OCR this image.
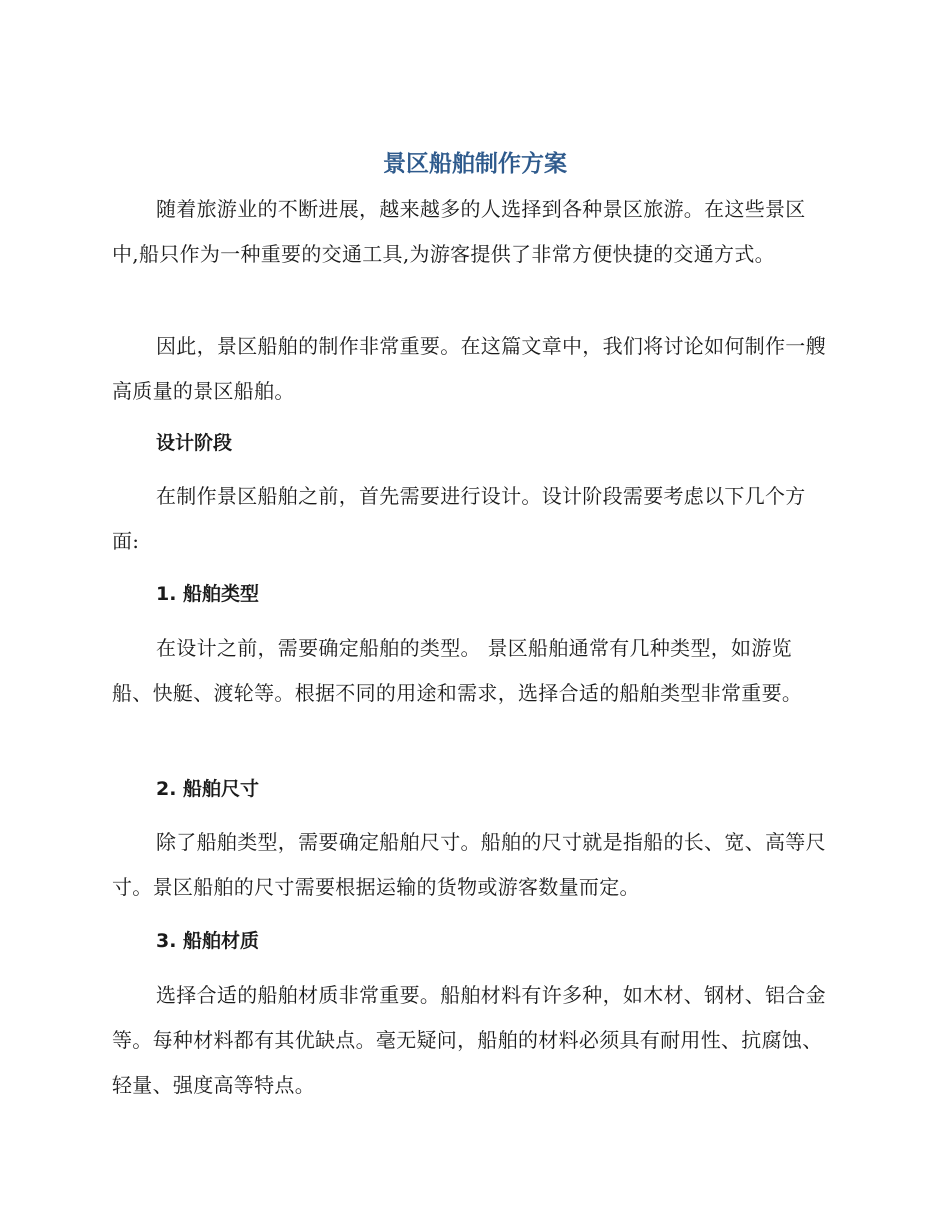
景区船舶制作方案

随着旅游业的不断进展，越来越多的人选择到各种景区旅游。在这些景区中,船只作为一种重要的交通工具,为游客提供了非常方便快捷的交通方式。

因此，景区船舶的制作非常重要。在这篇文章中，我们将讨论如何制作一艘高质量的景区船舶。

设计阶段

在制作景区船舶之前，首先需要进行设计。设计阶段需要考虑以下几个方面:

1. 船舶类型

在设计之前，需要确定船舶的类型。 景区船舶通常有几种类型，如游览船、快艇、渡轮等。根据不同的用途和需求，选择合适的船舶类型非常重要。

2. 船舶尺寸

除了船舶类型，需要确定船舶尺寸。船舶的尺寸就是指船的长、宽、高等尺寸。景区船舶的尺寸需要根据运输的货物或游客数量而定。

3. 船舶材质

选择合适的船舶材质非常重要。船舶材料有许多种，如木材、钢材、铝合金等。每种材料都有其优缺点。毫无疑问，船舶的材料必须具有耐用性、抗腐蚀、轻量、强度高等特点。
